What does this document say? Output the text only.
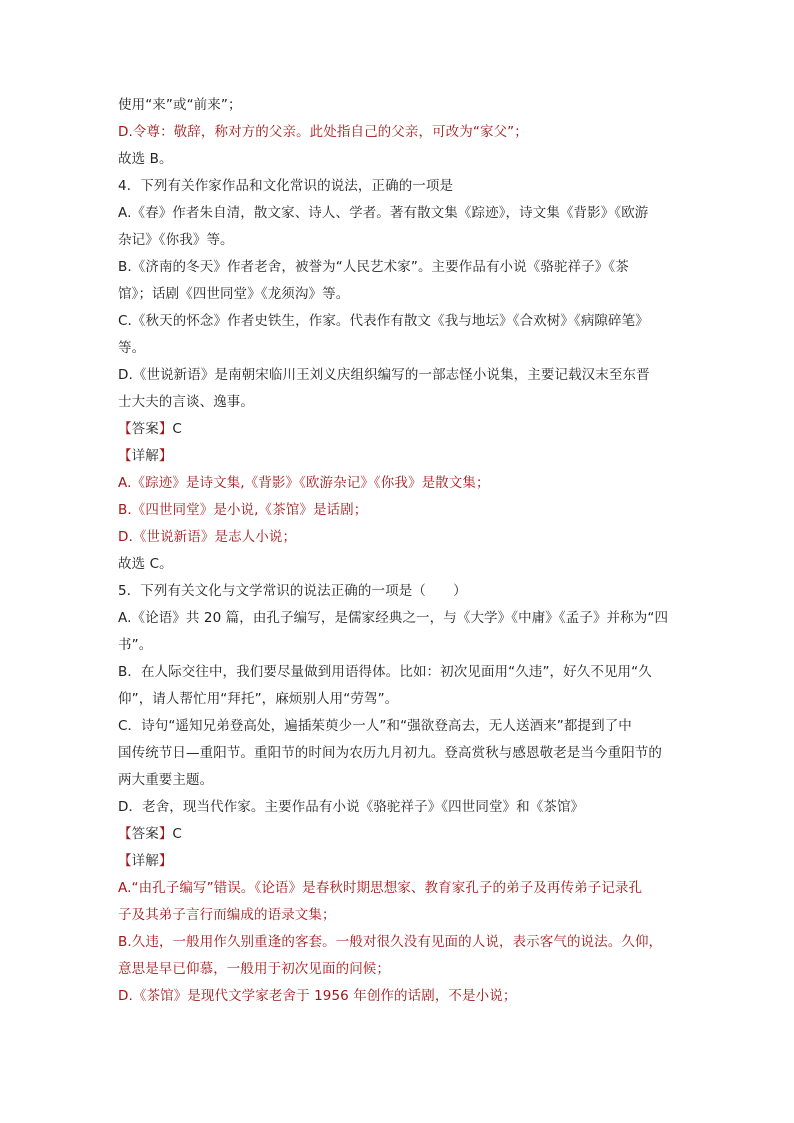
使用“来”或“前来”；
D.令尊：敬辞，称对方的父亲。此处指自己的父亲，可改为“家父”；
故选 B。
4．下列有关作家作品和文化常识的说法，正确的一项是
A.《春》作者朱自清，散文家、诗人、学者。著有散文集《踪迹》，诗文集《背影》《欧游
杂记》《你我》等。
B.《济南的冬天》作者老舍，被誉为“人民艺术家”。主要作品有小说《骆驼祥子》《茶
馆》；话剧《四世同堂》《龙须沟》等。
C.《秋天的怀念》作者史铁生，作家。代表作有散文《我与地坛》《合欢树》《病隙碎笔》
等。
D.《世说新语》是南朝宋临川王刘义庆组织编写的一部志怪小说集，主要记载汉末至东晋
士大夫的言谈、逸事。
【答案】C
【详解】
A.《踪迹》是诗文集,《背影》《欧游杂记》《你我》是散文集；
B.《四世同堂》是小说,《茶馆》是话剧；
D.《世说新语》是志人小说；
故选 C。
5．下列有关文化与文学常识的说法正确的一项是（　　）
A.《论语》共 20 篇，由孔子编写，是儒家经典之一，与《大学》《中庸》《孟子》并称为“四
书”。
B．在人际交往中，我们要尽量做到用语得体。比如：初次见面用“久违”，好久不见用“久
仰”，请人帮忙用“拜托”，麻烦别人用“劳驾”。
C．诗句“遥知兄弟登高处，遍插茱萸少一人”和“强欲登高去，无人送酒来”都提到了中
国传统节日—重阳节。重阳节的时间为农历九月初九。登高赏秋与感恩敬老是当今重阳节的
两大重要主题。
D．老舍，现当代作家。主要作品有小说《骆驼祥子》《四世同堂》和《茶馆》
【答案】C
【详解】
A.“由孔子编写”错误。《论语》是春秋时期思想家、教育家孔子的弟子及再传弟子记录孔
子及其弟子言行而编成的语录文集；
B.久违，一般用作久别重逢的客套。一般对很久没有见面的人说，表示客气的说法。久仰，
意思是早已仰慕，一般用于初次见面的问候；
D.《茶馆》是现代文学家老舍于 1956 年创作的话剧，不是小说；
